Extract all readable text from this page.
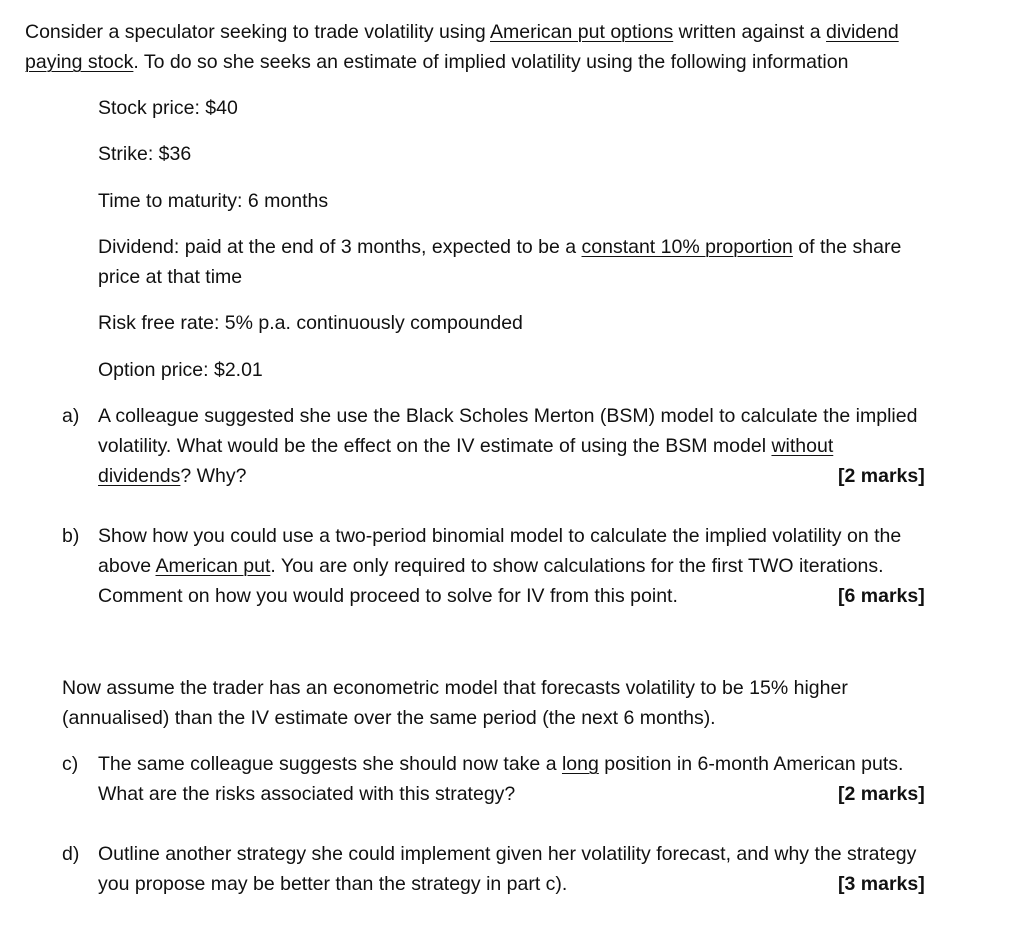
Consider a speculator seeking to trade volatility using American put options written against a dividend
paying stock. To do so she seeks an estimate of implied volatility using the following information
Stock price: $40
Strike: $36
Time to maturity: 6 months
Dividend: paid at the end of 3 months, expected to be a constant 10% proportion of the share
price at that time
Risk free rate: 5% p.a. continuously compounded
Option price: $2.01
a) A colleague suggested she use the Black Scholes Merton (BSM) model to calculate the implied
volatility. What would be the effect on the IV estimate of using the BSM model without
dividends? Why?	[2 marks]
b) Show how you could use a two-period binomial model to calculate the implied volatility on the
above American put. You are only required to show calculations for the first TWO iterations.
Comment on how you would proceed to solve for IV from this point.	[6 marks]
Now assume the trader has an econometric model that forecasts volatility to be 15% higher
(annualised) than the IV estimate over the same period (the next 6 months).
c) The same colleague suggests she should now take a long position in 6-month American puts.
What are the risks associated with this strategy?	[2 marks]
d) Outline another strategy she could implement given her volatility forecast, and why the strategy
you propose may be better than the strategy in part c).	[3 marks]
